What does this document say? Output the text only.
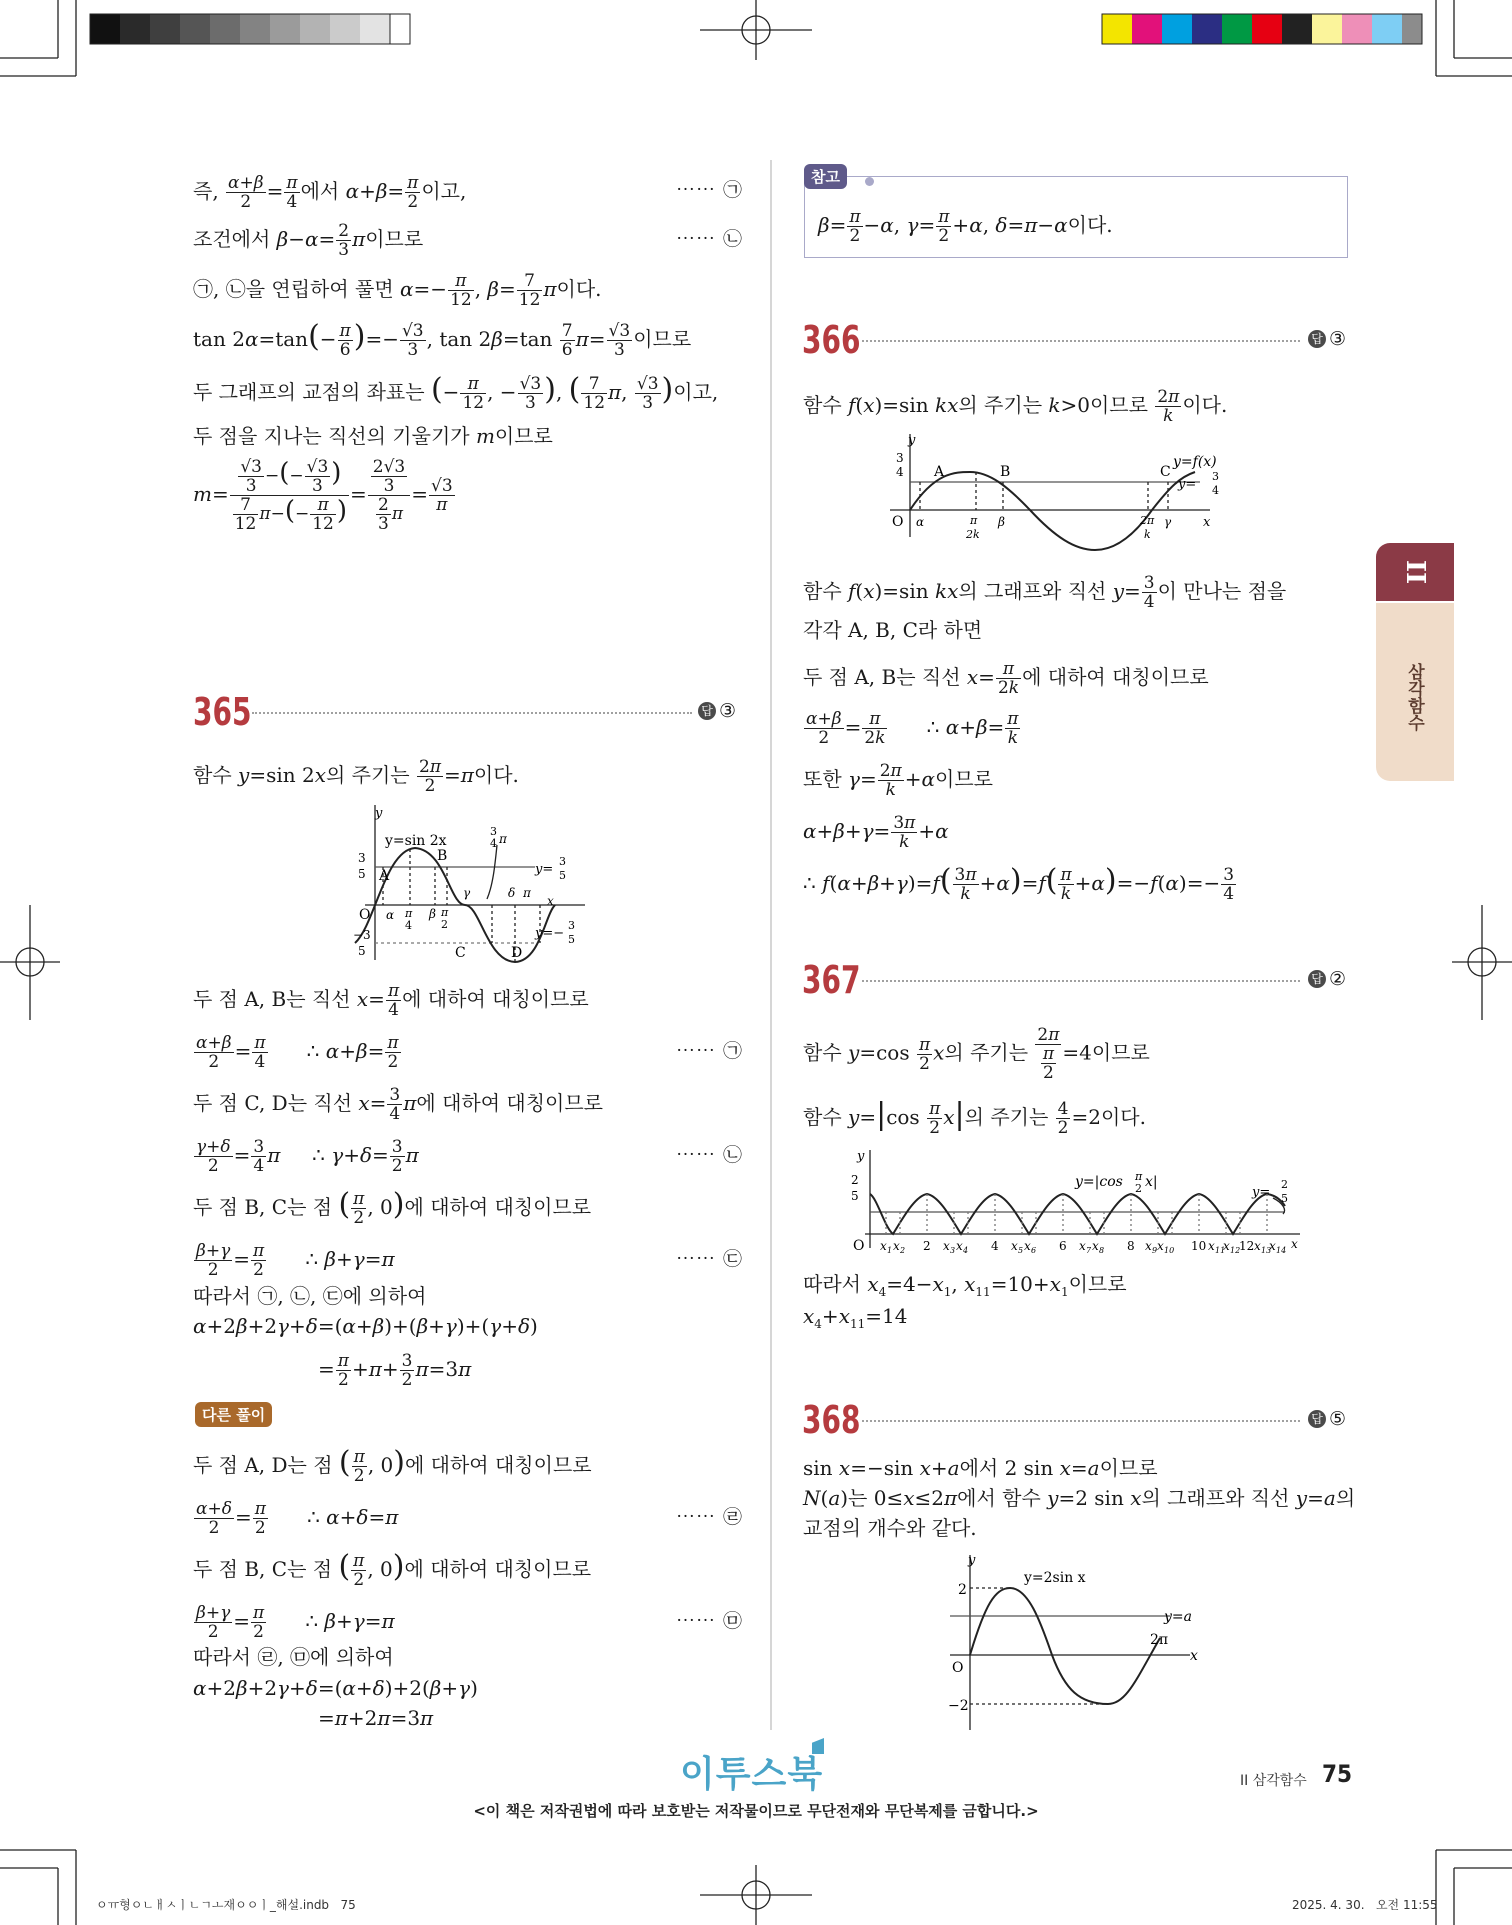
II
삼각함수
즉, $\frac{\alpha+\beta}{2} = \frac{\pi}{4}$ 에서 $\alpha+\beta= \frac{\pi}{2}$ 이고,	⋯⋯ ㉠
조건에서 $\beta-\alpha= \frac{2}{3}$ π이므로	⋯⋯ ㉡
㉠, ㉡을 연립하여 풀면 $\alpha=- \frac{\pi}{12}$ , $\beta= \frac{7}{12}$ π이다.
$\tan 2\alpha=\tan(- \frac{\pi}{6}$ )=− $\frac{√3}{3}$ , $\tan 2\beta=\tan \frac{7}{6} \pi= \frac{√3}{3}$ 이므로
두 그래프의 교점의 좌표는 (− $\frac{\pi}{12}$ , − $\frac{√3}{3}$ ), ( $\frac{7}{12} \pi$, $\frac{√3}{3}$ )이고,
두 점을 지나는 직선의 기울기가 m이므로
$m= \frac{\frac{√3}{3} -(- \frac{√3}{3} )}{\frac{7}{12} \pi-(- \frac{\pi}{12} )} = \frac{\frac{2√3}{3}}{\frac{2}{3} \pi} = \frac{√3}{\pi}$
365	답 ③
함수 y=sin 2x의 주기는 $\frac{2\pi}{2} =\pi$이다.
y
y=sin 2x
3
5 A
B
C	D
y=
3
5
y=−
3
5
O α π
4
β π
2
γ	δ π
3
4 π
x
−3
5
두 점 A, B는 직선 $x= \frac{\pi}{4}$ 에 대하여 대칭이므로
$\frac{\alpha+\beta}{2} = \frac{\pi}{4}$ ∴ $\alpha+\beta= \frac{\pi}{2}$	⋯⋯ ㉠
두 점 C, D는 직선 $x= \frac{3}{4}$ π에 대하여 대칭이므로
$\frac{\gamma+\delta}{2} = \frac{3}{4}$ π     ∴ $\gamma+\delta= \frac{3}{2}$ π	⋯⋯ ㉡
두 점 B, C는 점 ( $\frac{\pi}{2}$ , 0)에 대하여 대칭이므로
$\frac{\beta+\gamma}{2} = \frac{\pi}{2}$ ∴ β+γ=π	⋯⋯ ㉢
따라서 ㉠, ㉡, ㉢에 의하여
α+2β+2γ+δ=(α+β)+(β+γ)+(γ+δ)
= $\frac{\pi}{2} +\pi+ \frac{3}{2} \pi=3\pi$
다른 풀이
두 점 A, D는 점 ( $\frac{\pi}{2}$ , 0)에 대하여 대칭이므로
$\frac{\alpha+\delta}{2} = \frac{\pi}{2}$ ∴ α+δ=π	⋯⋯ ㉣
두 점 B, C는 점 ( $\frac{\pi}{2}$ , 0)에 대하여 대칭이므로
$\frac{\beta+\gamma}{2} = \frac{\pi}{2}$ ∴ β+γ=π	⋯⋯ ㉤
따라서 ㉣, ㉤에 의하여
α+2β+2γ+δ=(α+δ)+2(β+γ)
=π+2π=3π
참고
$\beta= \frac{\pi}{2} -\alpha$, $\gamma= \frac{\pi}{2} +\alpha$, δ=π−α이다.
366	답 ③
함수 f(x)=sin kx의 주기는 k>0이므로 $\frac{2\pi}{k}$ 이다.
y
3
4 A	B	C
y=f(x)
y=
3
4
O α	π
2k
β	2π
k
γ x
함수 f(x)=sin kx의 그래프와 직선 $y= \frac{3}{4}$ 이 만나는 점을
각각 A, B, C라 하면
두 점 A, B는 직선 $x= \frac{\pi}{2k}$ 에 대하여 대칭이므로
$\frac{\alpha+\beta}{2} = \frac{\pi}{2k}$ ∴ $\alpha+\beta= \frac{\pi}{k}$
또한 $\gamma= \frac{2\pi}{k} +\alpha$이므로
$\alpha+\beta+\gamma= \frac{3\pi}{k} +\alpha$
∴ $f(\alpha+\beta+\gamma)=f( \frac{3\pi}{k} +\alpha)=f( \frac{\pi}{k} +\alpha)=-f(\alpha)=- \frac{3}{4}$
367	답 ②
함수 $y=\cos \frac{\pi}{2}$ x의 주기는 $\frac{2\pi}{\frac{\pi}{2}} =4$이므로
함수 $y=|\cos \frac{\pi}{2} x|$의 주기는 $\frac{4}{2} =2$이다.
y
2
5
y=|cos π
2 x|
y=
2
5
O x 1 x 2 2 x 3 x 4 4 x 5 x 6 6 x 7 x 8 8 x 9 x 10 10 x 11
x 12
12 x 13
x 14 x
따라서 $x_4=4-x_1$, $x_{11}=10+x_1$이므로
$x_4+x_{11}=14$
368	답 ⑤
sin x=−sin x+a에서 2 sin x=a이므로
N(a)는 0≤x≤2π에서 함수 y=2 sin x의 그래프와 직선 y=a의
교점의 개수와 같다.
y
y=2sin x
2
y=a
2π
O
x
−2
이투스북	II 삼각함수 75
<이 책은 저작권법에 따라 보호받는 저작물이므로 무단전재와 무단복제를 금합니다.>
ㅇㅠ형ㅇㄴㅐㅅㅣㄴㄱㅗ재ㅇㅇㅣ_해설.indb   75	2025. 4. 30.   오전 11:55
